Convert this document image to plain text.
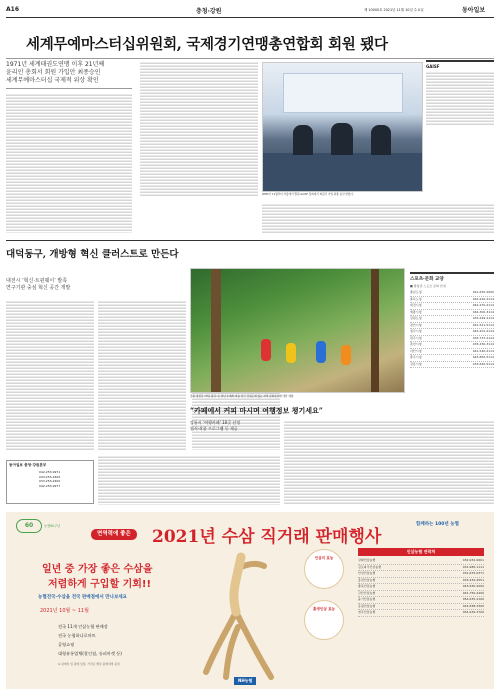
A16	충청·강원	제 10000호 2021년 11월 10일 수요일	동아일보
세계무예마스터십위원회, 국제경기연맹총연합회 회원 됐다
1971년 세계태권도연맹 이후 21년째
윤리인 총회서 회원 가입안 최종승인
세계무예마스터십 국제적 위상 확인
WMC가 11월부터 서울에서 열린 GAISF 총회에서 회원국 가입 최종 승인 받았다.
GAISF
대덕동구, 개방형 혁신 클러스트로 만든다
대전시 ‘혁신·트윈웨이’ 발족
연구기관 중심 혁신 공간 개발
동아일보 충청·강원본부
042-253-9971
043-253-2400
033-253-2400
042-253-9977
강원 정선군 ‘미당 평강’ 은 천년 수례의 마을 인근 강원도에 있는 지역 문화유산에 대한 체험.
“카페에서 커피 마시며 여행정보 챙기세요”
강릉시 ‘여행카페’ 10곳 선정
엽서·작품 프로그램 등 제공
스포츠·문화 교양
■ 충청권 스포츠 문화 안내
충남도청	041-635-2000
충북도청	043-220-2114
대전시청	042-270-2114
세종시청	044-300-3114
강원도청	033-249-2114
천안시청	041-521-5114
청주시청	043-201-2114
원주시청	033-737-2114
춘천시청	033-250-3114
아산시청	041-540-2114
충주시청	043-850-5114
강릉시청	033-640-5114
60	농협60주년	함께하는 100년 농협
면역력에 좋은	2021년 수삼 직거래 판매행사
일년 중 가장 좋은 수삼을
저렴하게 구입할 기회!!
농협전국·수삼을 전국 판매점에서 만나보세요
2021년 10월 ~ 11월
전국 11개 인삼농협 판매장
전국 농협하나로마트
공영쇼핑
대형유통업체(할인점, 슈퍼마켓 등)
※ 판매처 및 판매 일정, 가격은 해당 판매처에 문의
인삼의 효능
흙생인삼 효능
인삼농협 연락처
강화인삼농협	032-932-0601
김포파주인삼농협	031-985-1111
안성인삼농협	031-675-0371
홍천인삼농협	033-432-4551
충북인삼농협	043-830-2000
금산인삼농협	041-750-2400
풍기인삼농협	054-635-2100
증평인삼농협	043-838-3300
영주인삼농협	054-639-3700
NH농협
